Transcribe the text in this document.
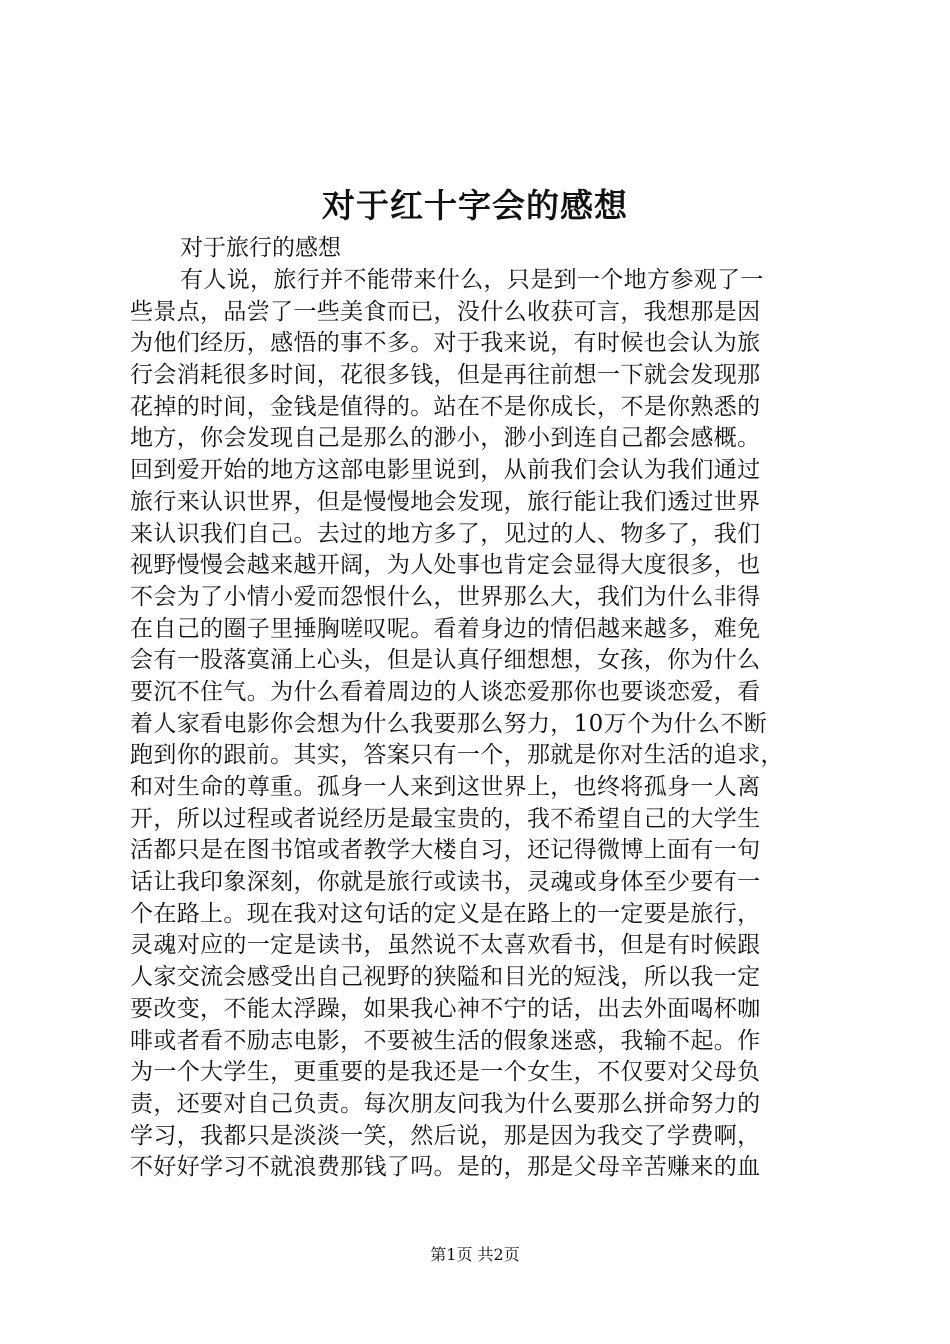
对于红十字会的感想
对于旅行的感想
有人说，旅行并不能带来什么，只是到一个地方参观了一
些景点，品尝了一些美食而已，没什么收获可言，我想那是因
为他们经历，感悟的事不多。对于我来说，有时候也会认为旅
行会消耗很多时间，花很多钱，但是再往前想一下就会发现那
花掉的时间，金钱是值得的。站在不是你成长，不是你熟悉的
地方，你会发现自己是那么的渺小，渺小到连自己都会感概。
回到爱开始的地方这部电影里说到，从前我们会认为我们通过
旅行来认识世界，但是慢慢地会发现，旅行能让我们透过世界
来认识我们自己。去过的地方多了，见过的人、物多了，我们
视野慢慢会越来越开阔，为人处事也肯定会显得大度很多，也
不会为了小情小爱而怨恨什么，世界那么大，我们为什么非得
在自己的圈子里捶胸嗟叹呢。看着身边的情侣越来越多，难免
会有一股落寞涌上心头，但是认真仔细想想，女孩，你为什么
要沉不住气。为什么看着周边的人谈恋爱那你也要谈恋爱，看
着人家看电影你会想为什么我要那么努力，10万个为什么不断
跑到你的跟前。其实，答案只有一个，那就是你对生活的追求，
和对生命的尊重。孤身一人来到这世界上，也终将孤身一人离
开，所以过程或者说经历是最宝贵的，我不希望自己的大学生
活都只是在图书馆或者教学大楼自习，还记得微博上面有一句
话让我印象深刻，你就是旅行或读书，灵魂或身体至少要有一
个在路上。现在我对这句话的定义是在路上的一定要是旅行，
灵魂对应的一定是读书，虽然说不太喜欢看书，但是有时候跟
人家交流会感受出自己视野的狭隘和目光的短浅，所以我一定
要改变，不能太浮躁，如果我心神不宁的话，出去外面喝杯咖
啡或者看不励志电影，不要被生活的假象迷惑，我输不起。作
为一个大学生，更重要的是我还是一个女生，不仅要对父母负
责，还要对自己负责。每次朋友问我为什么要那么拼命努力的
学习，我都只是淡淡一笑，然后说，那是因为我交了学费啊，
不好好学习不就浪费那钱了吗。是的，那是父母辛苦赚来的血
第1页 共2页
